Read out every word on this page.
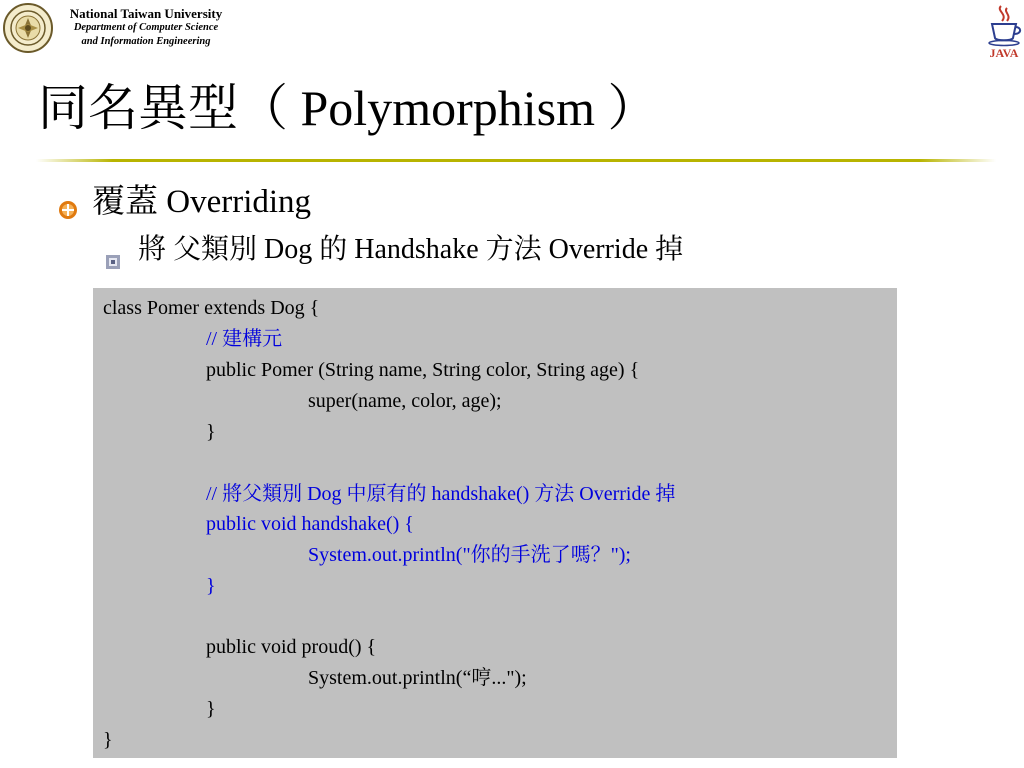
National Taiwan University
Department of Computer Science
and Information Engineering
JAVA
同名異型（ Polymorphism ）
覆蓋 Overriding
將 父類別 Dog 的 Handshake 方法 Override 掉
class Pomer extends Dog {
// 建構元
public Pomer (String name, String color, String age) {
super(name, color, age);
}
// 將父類別 Dog 中原有的 handshake() 方法 Override 掉
public void handshake() {
System.out.println("你的手洗了嗎？");
}
public void proud() {
System.out.println(“哼...");
}
}
